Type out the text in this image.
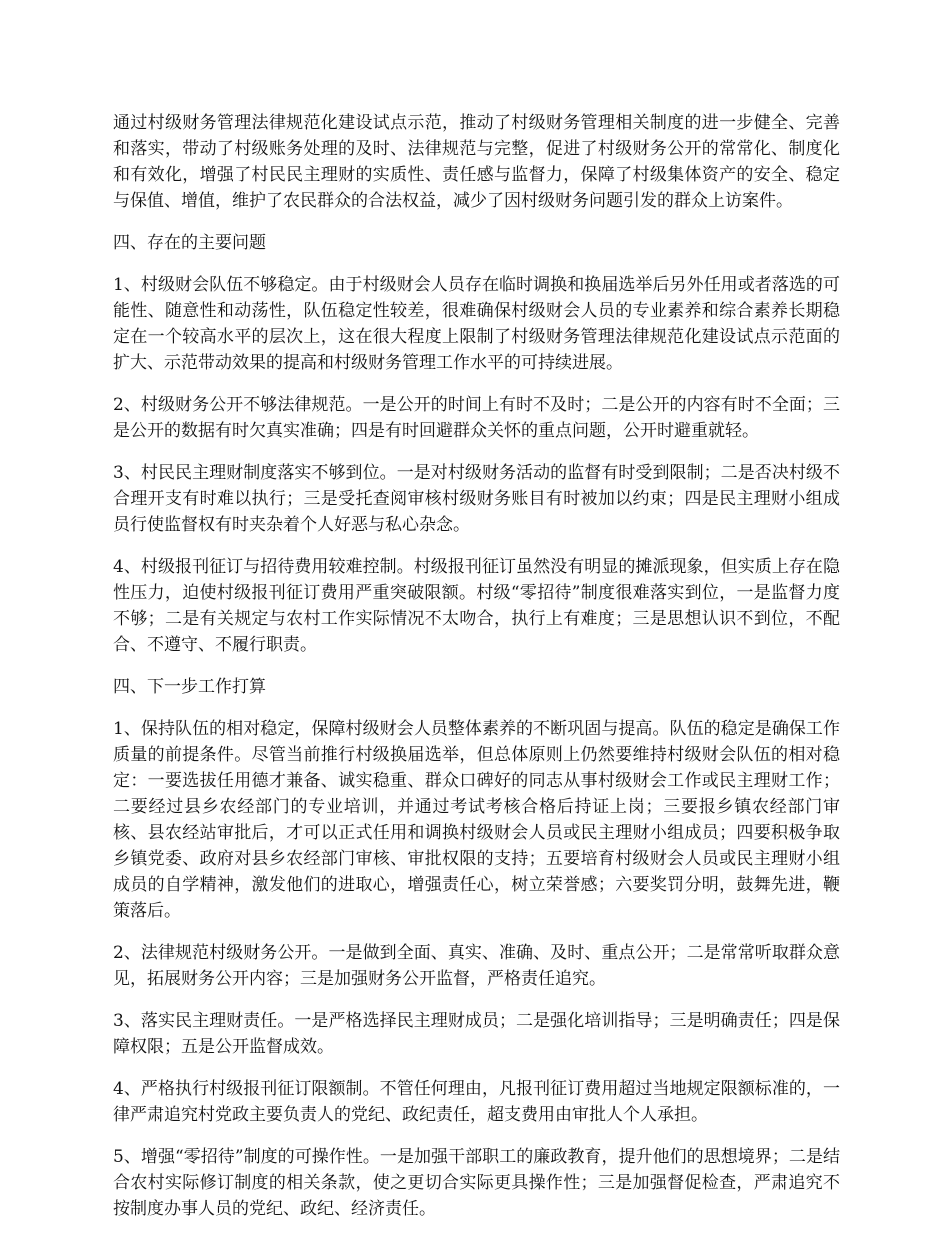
通过村级财务管理法律规范化建设试点示范，推动了村级财务管理相关制度的进一步健全、完善和落实，带动了村级账务处理的及时、法律规范与完整，促进了村级财务公开的常常化、制度化和有效化，增强了村民民主理财的实质性、责任感与监督力，保障了村级集体资产的安全、稳定与保值、增值，维护了农民群众的合法权益，减少了因村级财务问题引发的群众上访案件。

四、存在的主要问题

1、村级财会队伍不够稳定。由于村级财会人员存在临时调换和换届选举后另外任用或者落选的可能性、随意性和动荡性，队伍稳定性较差，很难确保村级财会人员的专业素养和综合素养长期稳定在一个较高水平的层次上，这在很大程度上限制了村级财务管理法律规范化建设试点示范面的扩大、示范带动效果的提高和村级财务管理工作水平的可持续进展。

2、村级财务公开不够法律规范。一是公开的时间上有时不及时；二是公开的内容有时不全面；三是公开的数据有时欠真实准确；四是有时回避群众关怀的重点问题，公开时避重就轻。

3、村民民主理财制度落实不够到位。一是对村级财务活动的监督有时受到限制；二是否决村级不合理开支有时难以执行；三是受托查阅审核村级财务账目有时被加以约束；四是民主理财小组成员行使监督权有时夹杂着个人好恶与私心杂念。

4、村级报刊征订与招待费用较难控制。村级报刊征订虽然没有明显的摊派现象，但实质上存在隐性压力，迫使村级报刊征订费用严重突破限额。村级“零招待”制度很难落实到位，一是监督力度不够；二是有关规定与农村工作实际情况不太吻合，执行上有难度；三是思想认识不到位，不配合、不遵守、不履行职责。

四、下一步工作打算

1、保持队伍的相对稳定，保障村级财会人员整体素养的不断巩固与提高。队伍的稳定是确保工作质量的前提条件。尽管当前推行村级换届选举，但总体原则上仍然要维持村级财会队伍的相对稳定：一要选拔任用德才兼备、诚实稳重、群众口碑好的同志从事村级财会工作或民主理财工作；二要经过县乡农经部门的专业培训，并通过考试考核合格后持证上岗；三要报乡镇农经部门审核、县农经站审批后，才可以正式任用和调换村级财会人员或民主理财小组成员；四要积极争取乡镇党委、政府对县乡农经部门审核、审批权限的支持；五要培育村级财会人员或民主理财小组成员的自学精神，激发他们的进取心，增强责任心，树立荣誉感；六要奖罚分明，鼓舞先进，鞭策落后。

2、法律规范村级财务公开。一是做到全面、真实、准确、及时、重点公开；二是常常听取群众意见，拓展财务公开内容；三是加强财务公开监督，严格责任追究。

3、落实民主理财责任。一是严格选择民主理财成员；二是强化培训指导；三是明确责任；四是保障权限；五是公开监督成效。

4、严格执行村级报刊征订限额制。不管任何理由，凡报刊征订费用超过当地规定限额标准的，一律严肃追究村党政主要负责人的党纪、政纪责任，超支费用由审批人个人承担。

5、增强“零招待”制度的可操作性。一是加强干部职工的廉政教育，提升他们的思想境界；二是结合农村实际修订制度的相关条款，使之更切合实际更具操作性；三是加强督促检查，严肃追究不按制度办事人员的党纪、政纪、经济责任。
